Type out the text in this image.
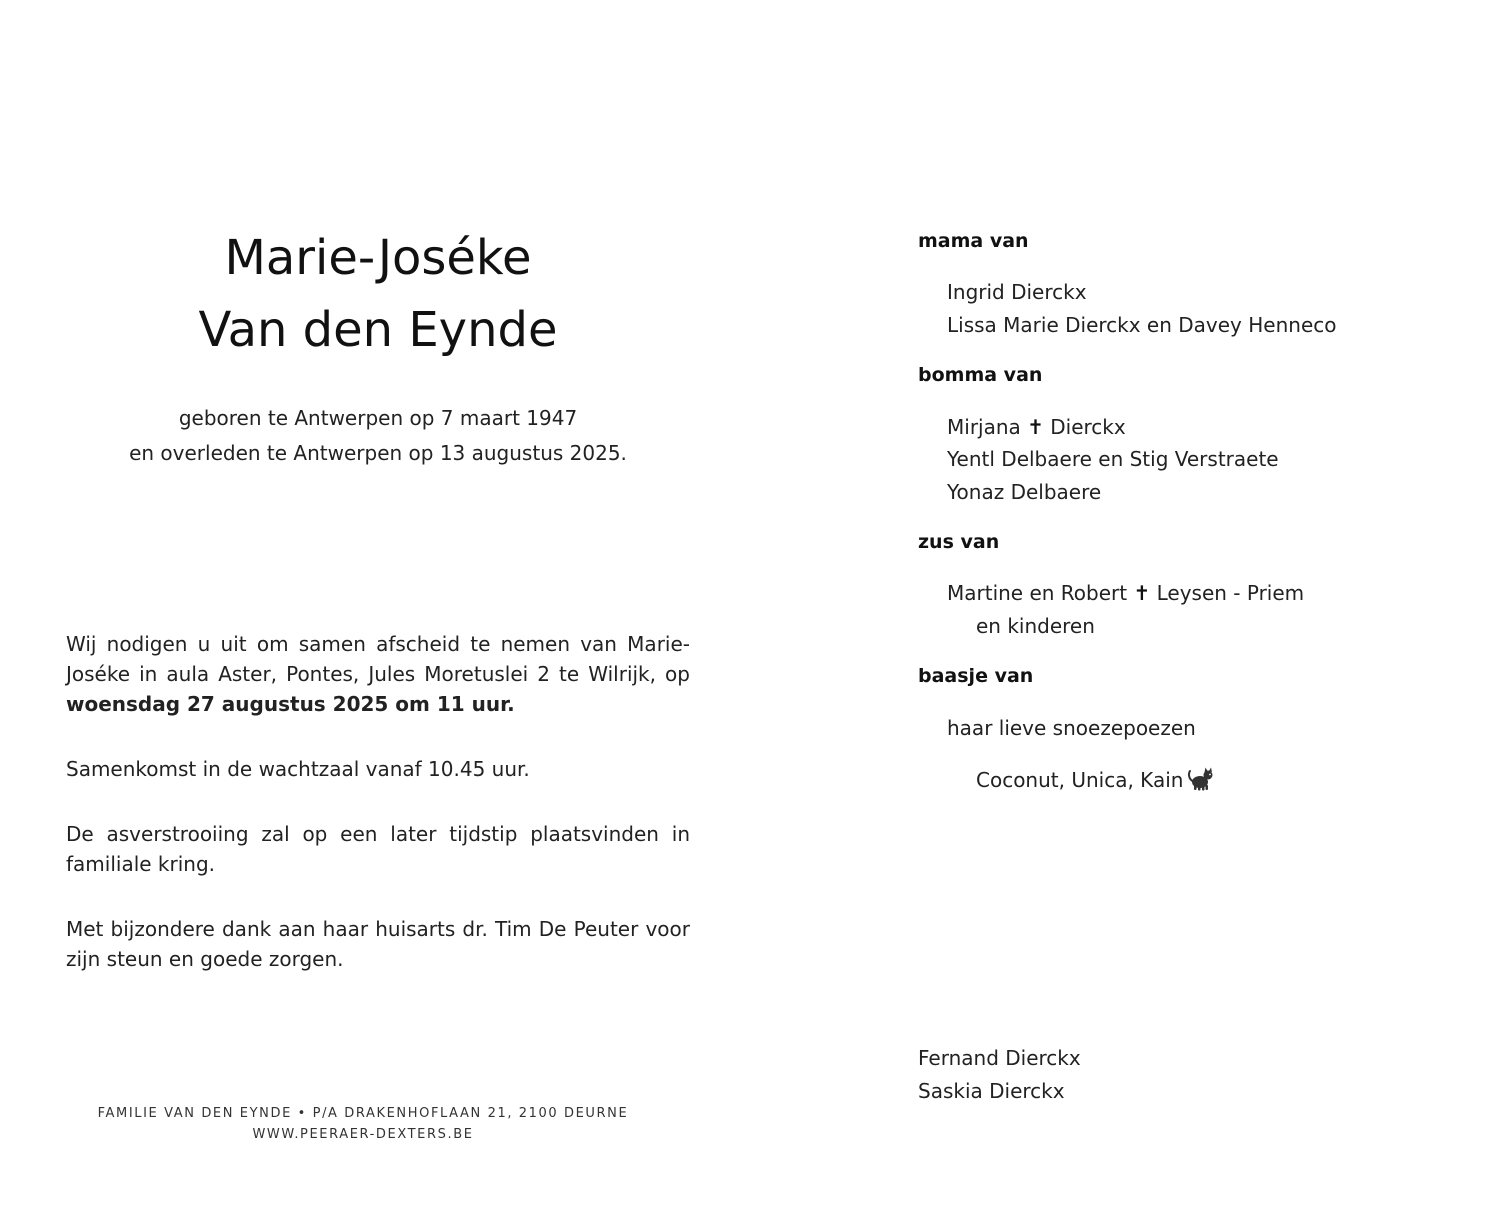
Marie-Joséke
Van den Eynde
geboren te Antwerpen op 7 maart 1947
en overleden te Antwerpen op 13 augustus 2025.

Wij nodigen u uit om samen afscheid te nemen van Marie-Joséke in aula Aster, Pontes, Jules Moretuslei 2 te Wilrijk, op woensdag 27 augustus 2025 om 11 uur.

Samenkomst in de wachtzaal vanaf 10.45 uur.

De asverstrooiing zal op een later tijdstip plaatsvinden in familiale kring.

Met bijzondere dank aan haar huisarts dr. Tim De Peuter voor zijn steun en goede zorgen.

FAMILIE VAN DEN EYNDE • P/A DRAKENHOFLAAN 21, 2100 DEURNE
WWW.PEERAER-DEXTERS.BE
mama van
Ingrid Dierckx
Lissa Marie Dierckx en Davey Henneco
bomma van
Mirjana ✝ Dierckx
Yentl Delbaere en Stig Verstraete
Yonaz Delbaere
zus van
Martine en Robert ✝ Leysen - Priem
en kinderen
baasje van
haar lieve snoezepoezen
Coconut, Unica, Kain
Fernand Dierckx
Saskia Dierckx
